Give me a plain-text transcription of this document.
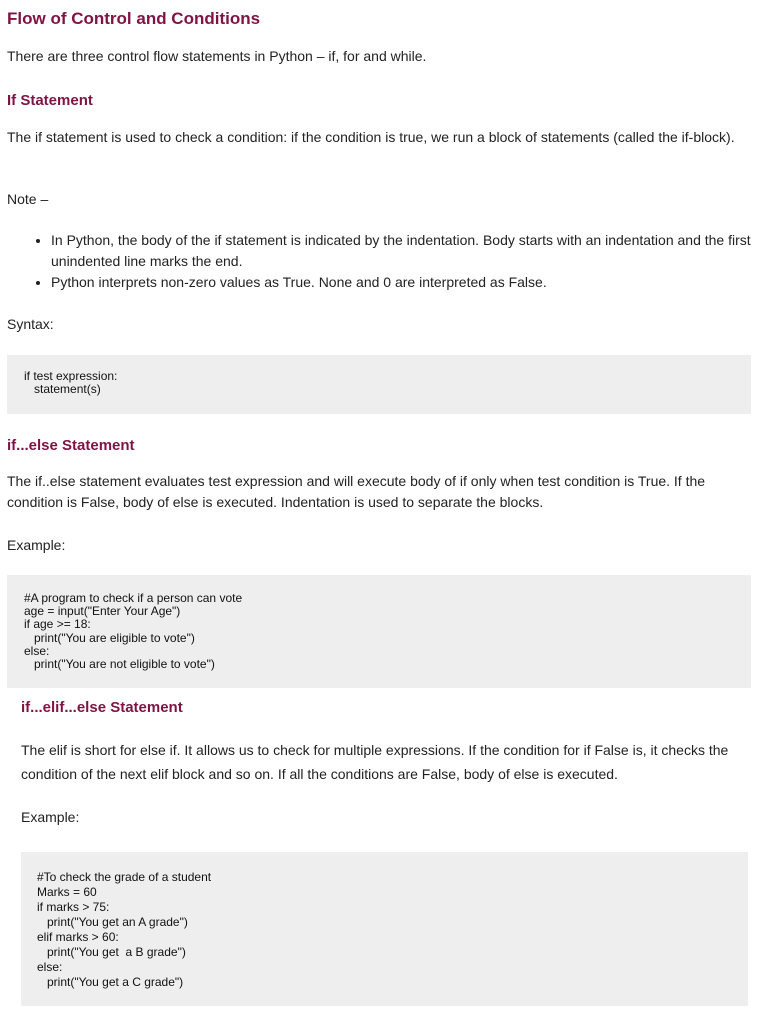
Flow of Control and Conditions

There are three control flow statements in Python – if, for and while.

If Statement

The if statement is used to check a condition: if the condition is true, we run a block of statements (called the if-block).

Note –

• In Python, the body of the if statement is indicated by the indentation. Body starts with an indentation and the first unindented line marks the end.
• Python interprets non-zero values as True. None and 0 are interpreted as False.

Syntax:

if test expression:
statement(s)
if...else Statement

The if..else statement evaluates test expression and will execute body of if only when test condition is True. If the condition is False, body of else is executed. Indentation is used to separate the blocks.

Example:

#A program to check if a person can vote
age = input("Enter Your Age")
if age >= 18:
print("You are eligible to vote")
else:
print("You are not eligible to vote")
if...elif...else Statement

The elif is short for else if. It allows us to check for multiple expressions. If the condition for if False is, it checks the condition of the next elif block and so on. If all the conditions are False, body of else is executed.

Example:

#To check the grade of a student
Marks = 60
if marks > 75:
print("You get an A grade")
elif marks > 60:
print("You get  a B grade")
else:
print("You get a C grade")
